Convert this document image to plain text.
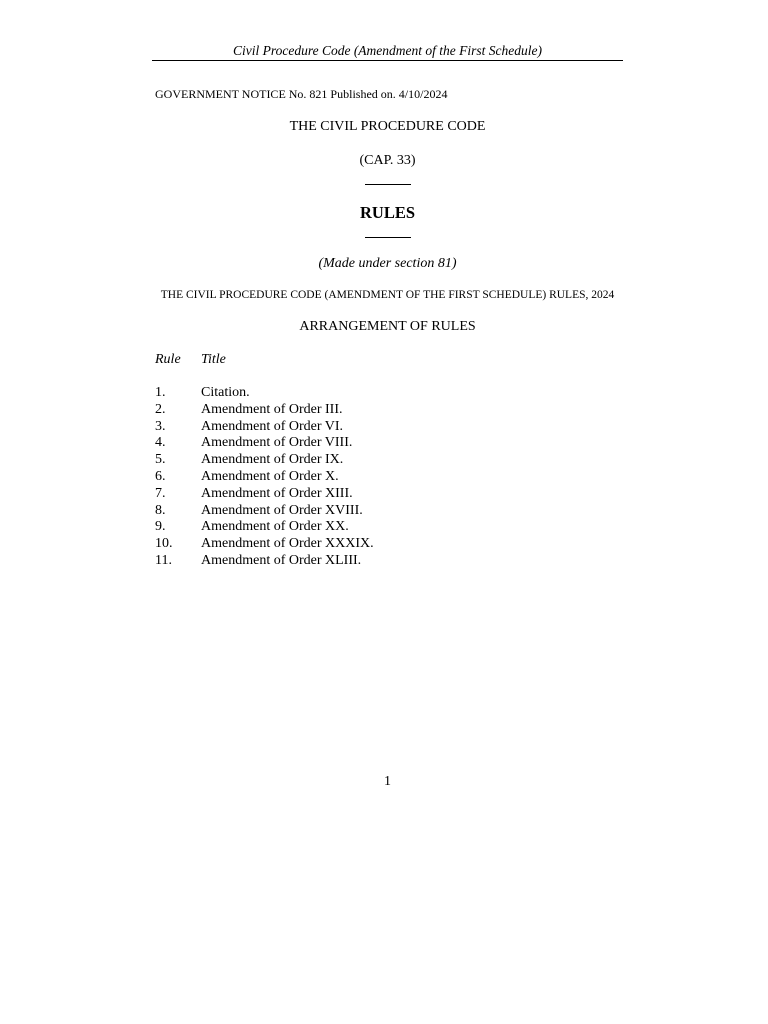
Civil Procedure Code (Amendment of the First Schedule)
GOVERNMENT NOTICE No. 821 Published on. 4/10/2024
THE CIVIL PROCEDURE CODE
(CAP. 33)
RULES
(Made under section 81)
THE CIVIL PROCEDURE CODE (AMENDMENT OF THE FIRST SCHEDULE) RULES, 2024
ARRANGEMENT OF RULES
Rule Title
1.	Citation.
2.	Amendment of Order III.
3.	Amendment of Order VI.
4.	Amendment of Order VIII.
5.	Amendment of Order IX.
6.	Amendment of Order X.
7.	Amendment of Order XIII.
8.	Amendment of Order XVIII.
9.	Amendment of Order XX.
10. Amendment of Order XXXIX.
11. Amendment of Order XLIII.
1
